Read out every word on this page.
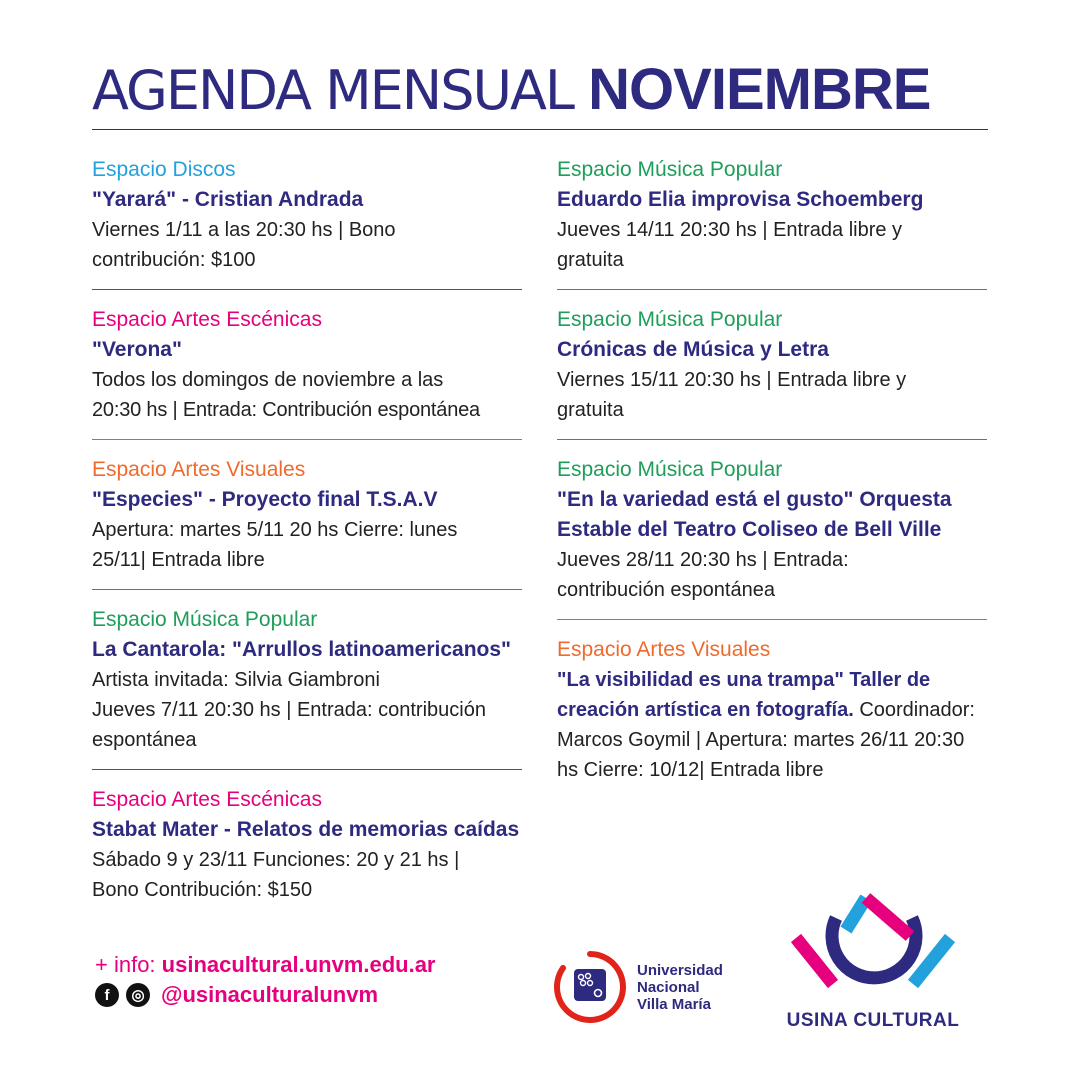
AGENDA MENSUAL NOVIEMBRE
Espacio Discos
"Yarará" - Cristian Andrada
Viernes 1/11 a las 20:30 hs | Bono
contribución: $100
Espacio Artes Escénicas
"Verona"
Todos los domingos de noviembre a las
20:30 hs | Entrada: Contribución espontánea
Espacio Artes Visuales
"Especies" - Proyecto final T.S.A.V
Apertura: martes 5/11 20 hs Cierre: lunes
25/11| Entrada libre
Espacio Música Popular
La Cantarola: "Arrullos latinoamericanos"
Artista invitada: Silvia Giambroni
Jueves 7/11 20:30 hs | Entrada: contribución
espontánea
Espacio Artes Escénicas
Stabat Mater - Relatos de memorias caídas
Sábado 9 y 23/11 Funciones: 20 y 21 hs |
Bono Contribución: $150
Espacio Música Popular
Eduardo Elia improvisa Schoemberg
Jueves 14/11 20:30 hs | Entrada libre y
gratuita
Espacio Música Popular
Crónicas de Música y Letra
Viernes 15/11 20:30 hs | Entrada libre y
gratuita
Espacio Música Popular
"En la variedad está el gusto" Orquesta Estable del Teatro Coliseo de Bell Ville
Jueves 28/11 20:30 hs | Entrada:
contribución espontánea
Espacio Artes Visuales
"La visibilidad es una trampa" Taller de creación artística en fotografía. Coordinador: Marcos Goymil | Apertura: martes 26/11 20:30 hs Cierre: 10/12| Entrada libre
+ info: usinacultural.unvm.edu.ar
f	◎ @usinaculturalunvm
Universidad
Nacional
Villa María
USINA CULTURAL
